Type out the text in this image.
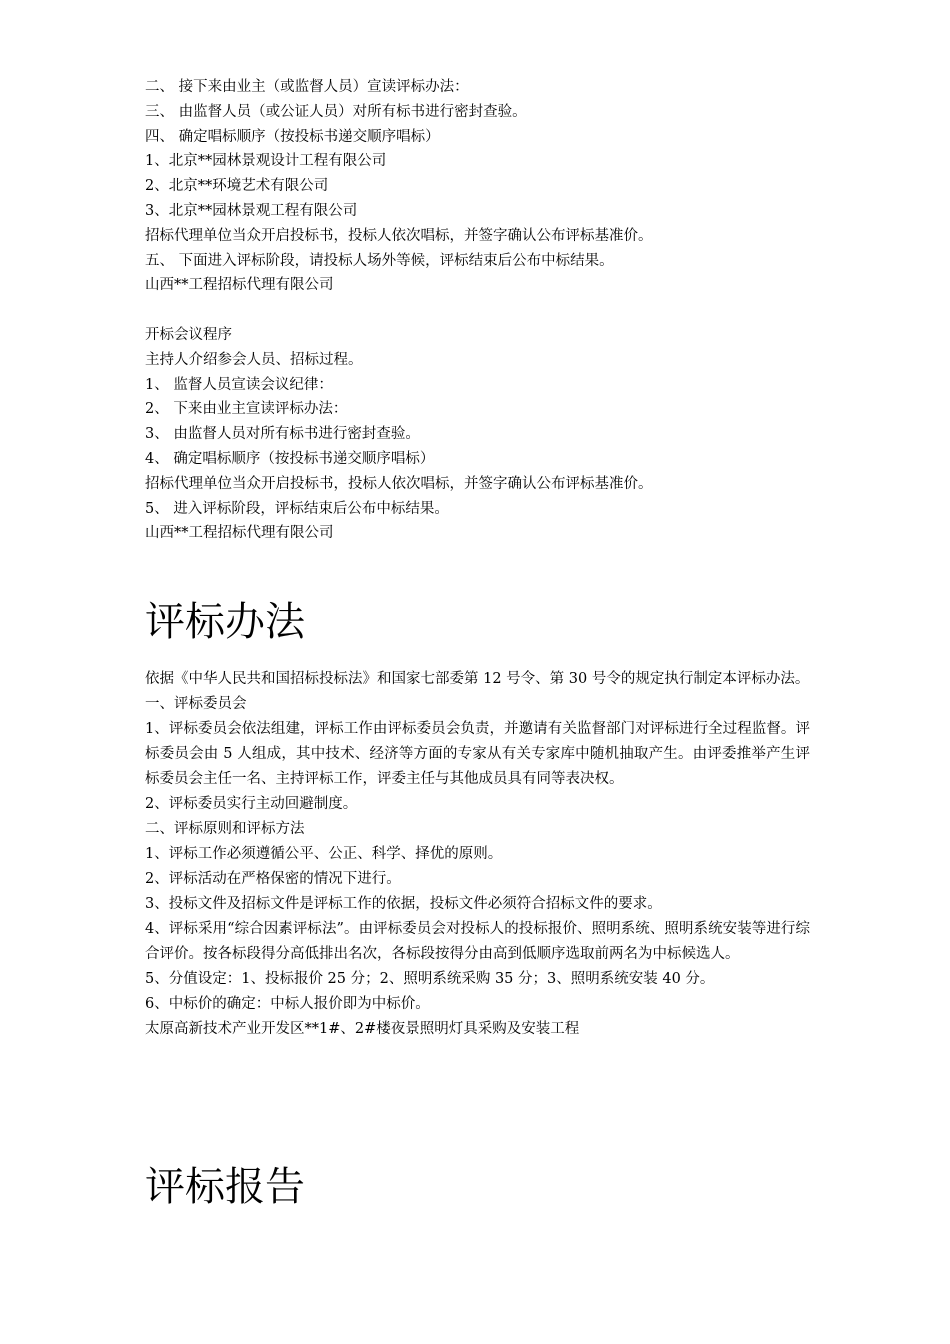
二、 接下来由业主（或监督人员）宣读评标办法：

三、 由监督人员（或公证人员）对所有标书进行密封查验。

四、 确定唱标顺序（按投标书递交顺序唱标）

1、北京**园林景观设计工程有限公司

2、北京**环境艺术有限公司

3、北京**园林景观工程有限公司

招标代理单位当众开启投标书，投标人依次唱标，并签字确认公布评标基准价。

五、 下面进入评标阶段，请投标人场外等候，评标结束后公布中标结果。

山西**工程招标代理有限公司

开标会议程序

主持人介绍参会人员、招标过程。

1、 监督人员宣读会议纪律：

2、 下来由业主宣读评标办法：

3、 由监督人员对所有标书进行密封查验。

4、 确定唱标顺序（按投标书递交顺序唱标）

招标代理单位当众开启投标书，投标人依次唱标，并签字确认公布评标基准价。

5、 进入评标阶段，评标结束后公布中标结果。

山西**工程招标代理有限公司

评标办法

依据《中华人民共和国招标投标法》和国家七部委第 12 号令、第 30 号令的规定执行制定本评标办法。

一、评标委员会

1、评标委员会依法组建，评标工作由评标委员会负责，并邀请有关监督部门对评标进行全过程监督。评标委员会由 5 人组成，其中技术、经济等方面的专家从有关专家库中随机抽取产生。由评委推举产生评标委员会主任一名、主持评标工作，评委主任与其他成员具有同等表决权。

2、评标委员实行主动回避制度。

二、评标原则和评标方法

1、评标工作必须遵循公平、公正、科学、择优的原则。

2、评标活动在严格保密的情况下进行。

3、投标文件及招标文件是评标工作的依据，投标文件必须符合招标文件的要求。

4、评标采用“综合因素评标法”。由评标委员会对投标人的投标报价、照明系统、照明系统安装等进行综合评价。按各标段得分高低排出名次，各标段按得分由高到低顺序选取前两名为中标候选人。

5、分值设定：1、投标报价 25 分；2、照明系统采购 35 分；3、照明系统安装 40 分。

6、中标价的确定：中标人报价即为中标价。

太原高新技术产业开发区**1#、2#楼夜景照明灯具采购及安装工程

评标报告
